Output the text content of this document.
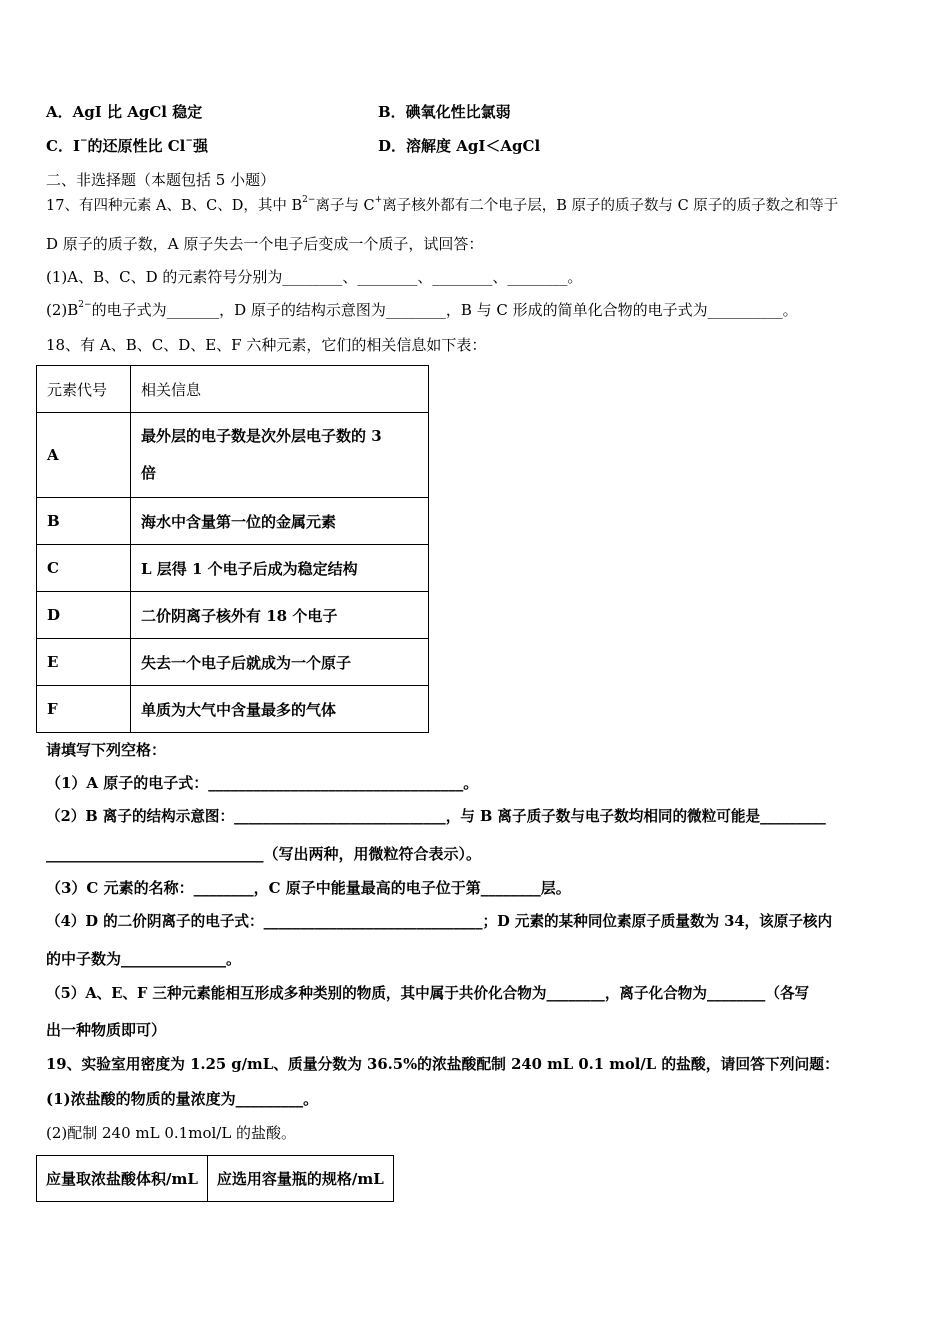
A．AgI 比 AgCl 稳定	B．碘氧化性比氯弱
C．I−的还原性比 Cl−强	D．溶解度 AgI＜AgCl
二、非选择题（本题包括 5 小题）
17、有四种元素 A、B、C、D，其中 $B^{2-}$离子与 C+离子核外都有二个电子层，B 原子的质子数与 C 原子的质子数之和等于
D 原子的质子数，A 原子失去一个电子后变成一个质子，试回答：
(1)A、B、C、D 的元素符号分别为________、________、________、________。
$(2)B^{2-}$的电子式为_______，D 原子的结构示意图为________，B 与 C 形成的简单化合物的电子式为__________。
18、有 A、B、C、D、E、F 六种元素，它们的相关信息如下表：
元素代号	相关信息
A	最外层的电子数是次外层电子数的 3
倍

B	海水中含量第一位的金属元素
C	L 层得 1 个电子后成为稳定结构
D	二价阴离子核外有 18 个电子
E	失去一个电子后就成为一个原子
F	单质为大气中含量最多的气体
请填写下列空格：
（1）A 原子的电子式：__________________________________。
（2）B 离子的结构示意图：_____________________________，与 B 离子质子数与电子数均相同的微粒可能是_________
_____________________________（写出两种，用微粒符合表示）。
（3）C 元素的名称：________，C 原子中能量最高的电子位于第________层。
（4）D 的二价阴离子的电子式：______________________________；D 元素的某种同位素原子质量数为 34，该原子核内
的中子数为______________。
（5）A、E、F 三种元素能相互形成多种类别的物质，其中属于共价化合物为________，离子化合物为________（各写
出一种物质即可）
19、实验室用密度为 1.25 g/mL、质量分数为 36.5%的浓盐酸配制 240 mL 0.1 mol/L 的盐酸，请回答下列问题：
(1)浓盐酸的物质的量浓度为_________。
(2)配制 240 mL 0.1mol/L 的盐酸。
应量取浓盐酸体积/mL	应选用容量瓶的规格/mL
